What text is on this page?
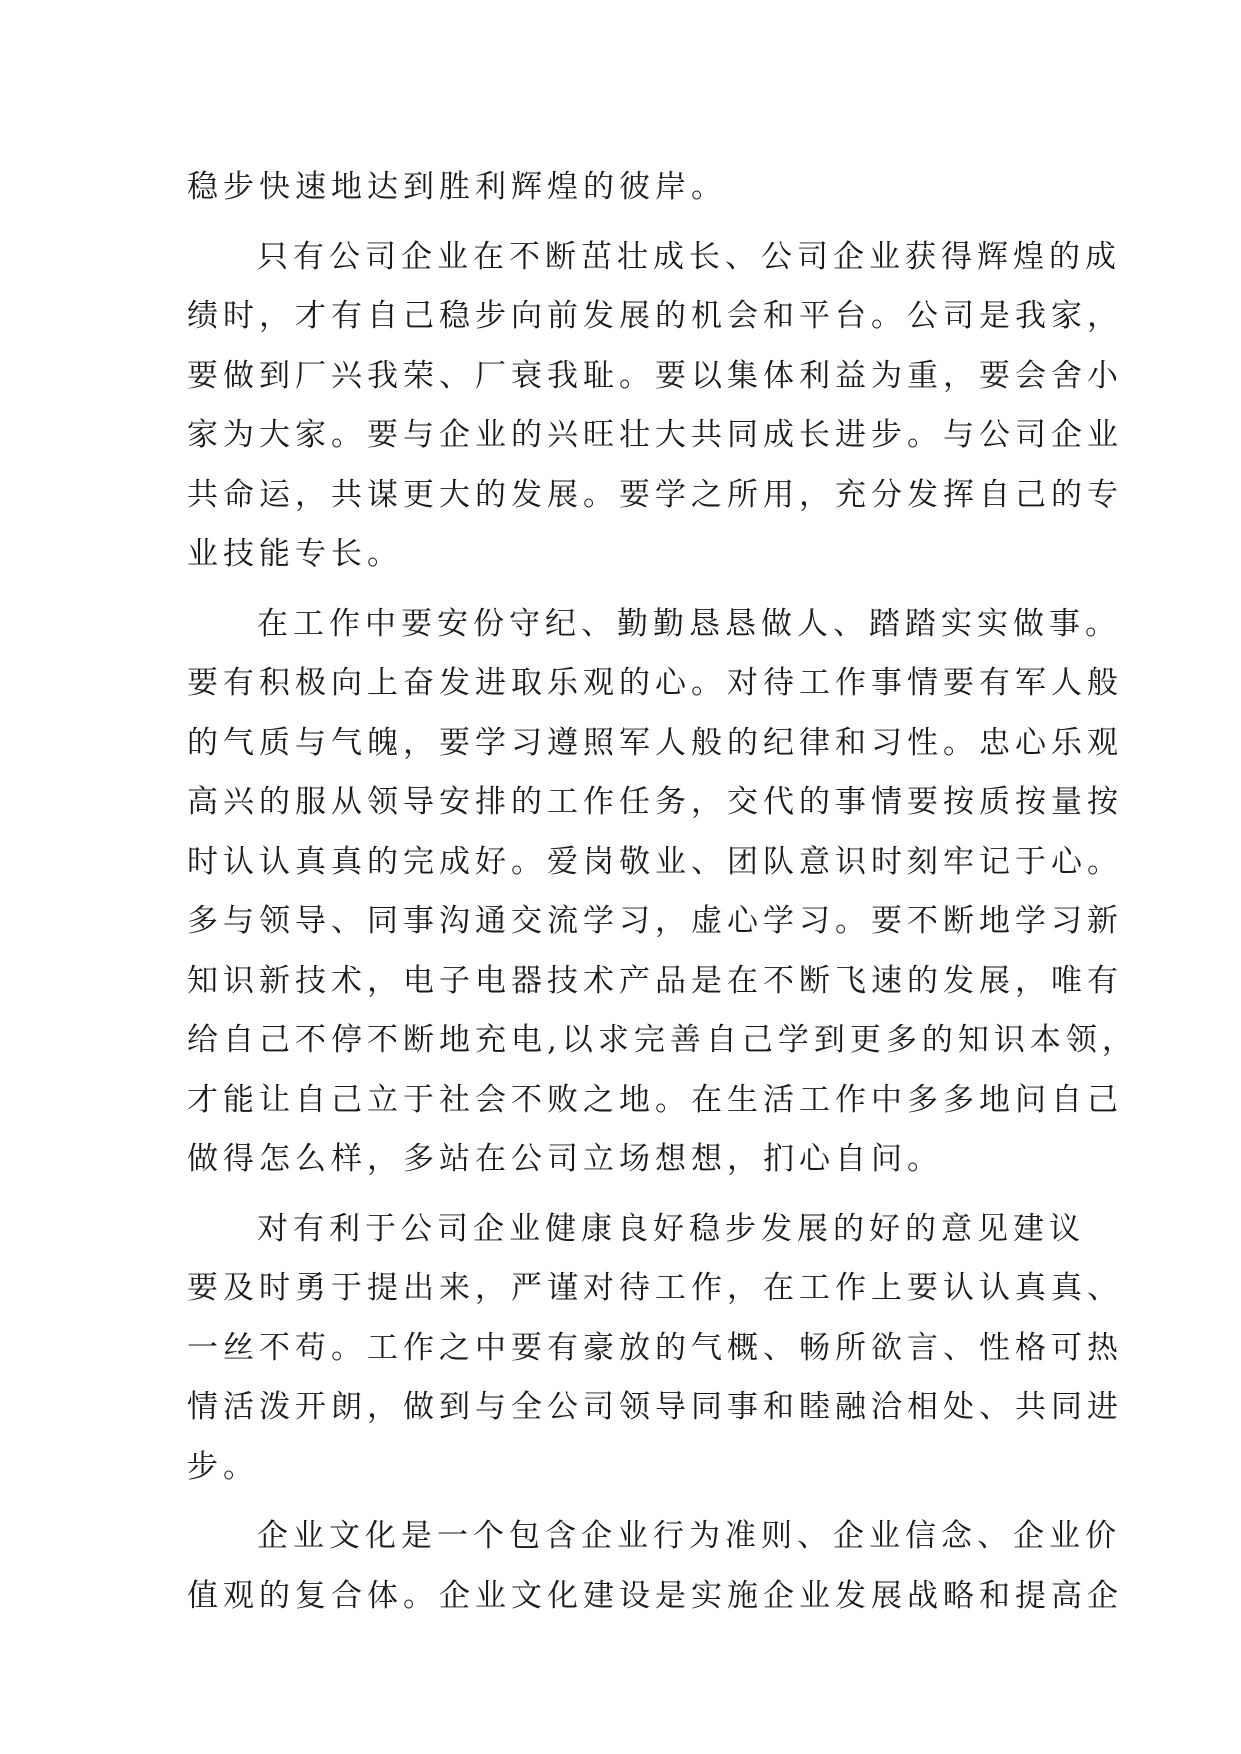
稳步快速地达到胜利辉煌的彼岸。
只有公司企业在不断茁壮成长、公司企业获得辉煌的成
绩时，才有自己稳步向前发展的机会和平台。公司是我家，
要做到厂兴我荣、厂衰我耻。要以集体利益为重，要会舍小
家为大家。要与企业的兴旺壮大共同成长进步。与公司企业
共命运，共谋更大的发展。要学之所用，充分发挥自己的专
业技能专长。
在工作中要安份守纪、勤勤恳恳做人、踏踏实实做事。
要有积极向上奋发进取乐观的心。对待工作事情要有军人般
的气质与气魄，要学习遵照军人般的纪律和习性。忠心乐观
高兴的服从领导安排的工作任务，交代的事情要按质按量按
时认认真真的完成好。爱岗敬业、团队意识时刻牢记于心。
多与领导、同事沟通交流学习，虚心学习。要不断地学习新
知识新技术，电子电器技术产品是在不断飞速的发展，唯有
给自己不停不断地充电,以求完善自己学到更多的知识本领，
才能让自己立于社会不败之地。在生活工作中多多地问自己
做得怎么样，多站在公司立场想想，扪心自问。
对有利于公司企业健康良好稳步发展的好的意见建议
要及时勇于提出来，严谨对待工作，在工作上要认认真真、
一丝不苟。工作之中要有豪放的气概、畅所欲言、性格可热
情活泼开朗，做到与全公司领导同事和睦融洽相处、共同进
步。
企业文化是一个包含企业行为准则、企业信念、企业价
值观的复合体。企业文化建设是实施企业发展战略和提高企
